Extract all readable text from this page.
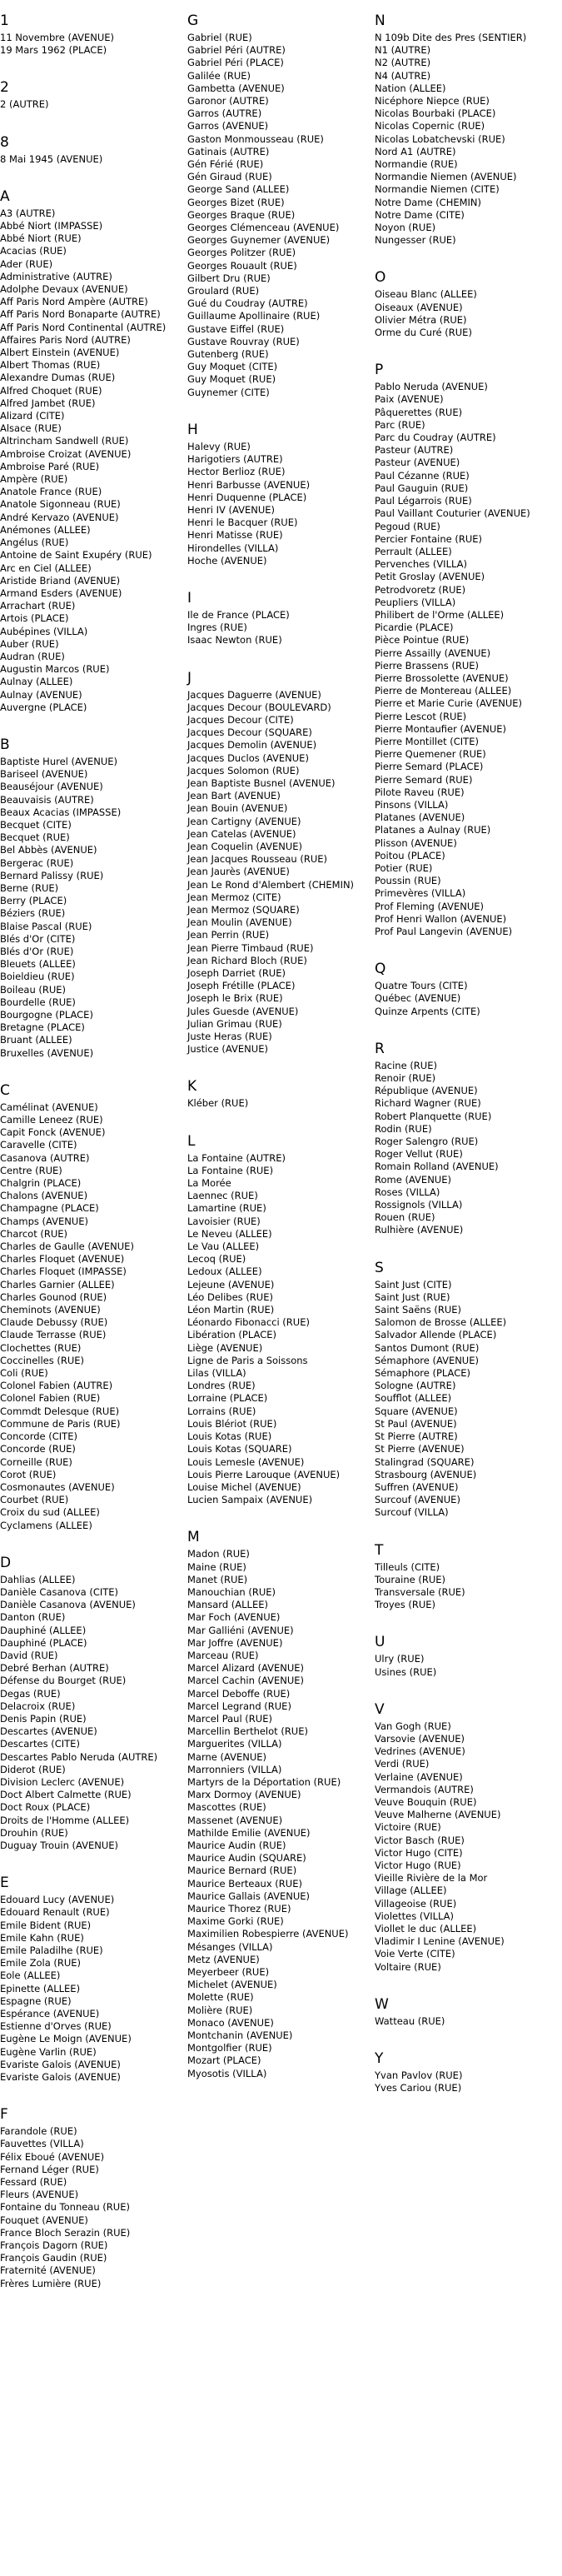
1
11 Novembre (AVENUE)
19 Mars 1962 (PLACE)
2
2 (AUTRE)
8
8 Mai 1945 (AVENUE)
A
A3 (AUTRE)
Abbé Niort (IMPASSE)
Abbé Niort (RUE)
Acacias (RUE)
Ader (RUE)
Administrative (AUTRE)
Adolphe Devaux (AVENUE)
Aff Paris Nord Ampère (AUTRE)
Aff Paris Nord Bonaparte (AUTRE)
Aff Paris Nord Continental (AUTRE)
Affaires Paris Nord (AUTRE)
Albert Einstein (AVENUE)
Albert Thomas (RUE)
Alexandre Dumas (RUE)
Alfred Choquet (RUE)
Alfred Jambet (RUE)
Alizard (CITE)
Alsace (RUE)
Altrincham Sandwell (RUE)
Ambroise Croizat (AVENUE)
Ambroise Paré (RUE)
Ampère (RUE)
Anatole France (RUE)
Anatole Sigonneau (RUE)
André Kervazo (AVENUE)
Anémones (ALLEE)
Angélus (RUE)
Antoine de Saint Exupéry (RUE)
Arc en Ciel (ALLEE)
Aristide Briand (AVENUE)
Armand Esders (AVENUE)
Arrachart (RUE)
Artois (PLACE)
Aubépines (VILLA)
Auber (RUE)
Audran (RUE)
Augustin Marcos (RUE)
Aulnay (ALLEE)
Aulnay (AVENUE)
Auvergne (PLACE)
B
Baptiste Hurel (AVENUE)
Bariseel (AVENUE)
Beauséjour (AVENUE)
Beauvaisis (AUTRE)
Beaux Acacias (IMPASSE)
Becquet (CITE)
Becquet (RUE)
Bel Abbès (AVENUE)
Bergerac (RUE)
Bernard Palissy (RUE)
Berne (RUE)
Berry (PLACE)
Béziers (RUE)
Blaise Pascal (RUE)
Blés d'Or (CITE)
Blés d'Or (RUE)
Bleuets (ALLEE)
Boieldieu (RUE)
Boileau (RUE)
Bourdelle (RUE)
Bourgogne (PLACE)
Bretagne (PLACE)
Bruant (ALLEE)
Bruxelles (AVENUE)
C
Camélinat (AVENUE)
Camille Leneez (RUE)
Capit Fonck (AVENUE)
Caravelle (CITE)
Casanova (AUTRE)
Centre (RUE)
Chalgrin (PLACE)
Chalons (AVENUE)
Champagne (PLACE)
Champs (AVENUE)
Charcot (RUE)
Charles de Gaulle (AVENUE)
Charles Floquet (AVENUE)
Charles Floquet (IMPASSE)
Charles Garnier (ALLEE)
Charles Gounod (RUE)
Cheminots (AVENUE)
Claude Debussy (RUE)
Claude Terrasse (RUE)
Clochettes (RUE)
Coccinelles (RUE)
Coli (RUE)
Colonel Fabien (AUTRE)
Colonel Fabien (RUE)
Commdt Delesque (RUE)
Commune de Paris (RUE)
Concorde (CITE)
Concorde (RUE)
Corneille (RUE)
Corot (RUE)
Cosmonautes (AVENUE)
Courbet (RUE)
Croix du sud (ALLEE)
Cyclamens (ALLEE)
D
Dahlias (ALLEE)
Danièle Casanova (CITE)
Danièle Casanova (AVENUE)
Danton (RUE)
Dauphiné (ALLEE)
Dauphiné (PLACE)
David (RUE)
Debré Berhan (AUTRE)
Défense du Bourget (RUE)
Degas (RUE)
Delacroix (RUE)
Denis Papin (RUE)
Descartes (AVENUE)
Descartes (CITE)
Descartes Pablo Neruda (AUTRE)
Diderot (RUE)
Division Leclerc (AVENUE)
Doct Albert Calmette (RUE)
Doct Roux (PLACE)
Droits de l'Homme (ALLEE)
Drouhin (RUE)
Duguay Trouin (AVENUE)
E
Edouard Lucy (AVENUE)
Edouard Renault (RUE)
Emile Bident (RUE)
Emile Kahn (RUE)
Emile Paladilhe (RUE)
Emile Zola (RUE)
Eole (ALLEE)
Epinette (ALLEE)
Espagne (RUE)
Espérance (AVENUE)
Estienne d'Orves (RUE)
Eugène Le Moign (AVENUE)
Eugène Varlin (RUE)
Evariste Galois (AVENUE)
Evariste Galois (AVENUE)
F
Farandole (RUE)
Fauvettes (VILLA)
Félix Eboué (AVENUE)
Fernand Léger (RUE)
Fessard (RUE)
Fleurs (AVENUE)
Fontaine du Tonneau (RUE)
Fouquet (AVENUE)
France Bloch Serazin (RUE)
François Dagorn (RUE)
François Gaudin (RUE)
Fraternité (AVENUE)
Frères Lumière (RUE)
G
Gabriel (RUE)
Gabriel Péri (AUTRE)
Gabriel Péri (PLACE)
Galilée (RUE)
Gambetta (AVENUE)
Garonor (AUTRE)
Garros (AUTRE)
Garros (AVENUE)
Gaston Monmousseau (RUE)
Gatinais (AUTRE)
Gén Férié (RUE)
Gén Giraud (RUE)
George Sand (ALLEE)
Georges Bizet (RUE)
Georges Braque (RUE)
Georges Clémenceau (AVENUE)
Georges Guynemer (AVENUE)
Georges Politzer (RUE)
Georges Rouault (RUE)
Gilbert Dru (RUE)
Groulard (RUE)
Gué du Coudray (AUTRE)
Guillaume Apollinaire (RUE)
Gustave Eiffel (RUE)
Gustave Rouvray (RUE)
Gutenberg (RUE)
Guy Moquet (CITE)
Guy Moquet (RUE)
Guynemer (CITE)
H
Halevy (RUE)
Harigotiers (AUTRE)
Hector Berlioz (RUE)
Henri Barbusse (AVENUE)
Henri Duquenne (PLACE)
Henri IV (AVENUE)
Henri le Bacquer (RUE)
Henri Matisse (RUE)
Hirondelles (VILLA)
Hoche (AVENUE)
I
Ile de France (PLACE)
Ingres (RUE)
Isaac Newton (RUE)
J
Jacques Daguerre (AVENUE)
Jacques Decour (BOULEVARD)
Jacques Decour (CITE)
Jacques Decour (SQUARE)
Jacques Demolin (AVENUE)
Jacques Duclos (AVENUE)
Jacques Solomon (RUE)
Jean Baptiste Busnel (AVENUE)
Jean Bart (AVENUE)
Jean Bouin (AVENUE)
Jean Cartigny (AVENUE)
Jean Catelas (AVENUE)
Jean Coquelin (AVENUE)
Jean Jacques Rousseau (RUE)
Jean Jaurès (AVENUE)
Jean Le Rond d'Alembert (CHEMIN)
Jean Mermoz (CITE)
Jean Mermoz (SQUARE)
Jean Moulin (AVENUE)
Jean Perrin (RUE)
Jean Pierre Timbaud (RUE)
Jean Richard Bloch (RUE)
Joseph Darriet (RUE)
Joseph Frétille (PLACE)
Joseph le Brix (RUE)
Jules Guesde (AVENUE)
Julian Grimau (RUE)
Juste Heras (RUE)
Justice (AVENUE)
K
Kléber (RUE)
L
La Fontaine (AUTRE)
La Fontaine (RUE)
La Morée
Laennec (RUE)
Lamartine (RUE)
Lavoisier (RUE)
Le Neveu (ALLEE)
Le Vau (ALLEE)
Lecoq (RUE)
Ledoux (ALLEE)
Lejeune (AVENUE)
Léo Delibes (RUE)
Léon Martin (RUE)
Léonardo Fibonacci (RUE)
Libération (PLACE)
Liège (AVENUE)
Ligne de Paris a Soissons
Lilas (VILLA)
Londres (RUE)
Lorraine (PLACE)
Lorrains (RUE)
Louis Blériot (RUE)
Louis Kotas (RUE)
Louis Kotas (SQUARE)
Louis Lemesle (AVENUE)
Louis Pierre Larouque (AVENUE)
Louise Michel (AVENUE)
Lucien Sampaix (AVENUE)
M
Madon (RUE)
Maine (RUE)
Manet (RUE)
Manouchian (RUE)
Mansard (ALLEE)
Mar Foch (AVENUE)
Mar Galliéni (AVENUE)
Mar Joffre (AVENUE)
Marceau (RUE)
Marcel Alizard (AVENUE)
Marcel Cachin (AVENUE)
Marcel Deboffe (RUE)
Marcel Legrand (RUE)
Marcel Paul (RUE)
Marcellin Berthelot (RUE)
Marguerites (VILLA)
Marne (AVENUE)
Marronniers (VILLA)
Martyrs de la Déportation (RUE)
Marx Dormoy (AVENUE)
Mascottes (RUE)
Massenet (AVENUE)
Mathilde Emilie (AVENUE)
Maurice Audin (RUE)
Maurice Audin (SQUARE)
Maurice Bernard (RUE)
Maurice Berteaux (RUE)
Maurice Gallais (AVENUE)
Maurice Thorez (RUE)
Maxime Gorki (RUE)
Maximilien Robespierre (AVENUE)
Mésanges (VILLA)
Metz (AVENUE)
Meyerbeer (RUE)
Michelet (AVENUE)
Molette (RUE)
Molière (RUE)
Monaco (AVENUE)
Montchanin (AVENUE)
Montgolfier (RUE)
Mozart (PLACE)
Myosotis (VILLA)
N
N 109b Dite des Pres (SENTIER)
N1 (AUTRE)
N2 (AUTRE)
N4 (AUTRE)
Nation (ALLEE)
Nicéphore Niepce (RUE)
Nicolas Bourbaki (PLACE)
Nicolas Copernic (RUE)
Nicolas Lobatchevski (RUE)
Nord A1 (AUTRE)
Normandie (RUE)
Normandie Niemen (AVENUE)
Normandie Niemen (CITE)
Notre Dame (CHEMIN)
Notre Dame (CITE)
Noyon (RUE)
Nungesser (RUE)
O
Oiseau Blanc (ALLEE)
Oiseaux (AVENUE)
Olivier Métra (RUE)
Orme du Curé (RUE)
P
Pablo Neruda (AVENUE)
Paix (AVENUE)
Pâquerettes (RUE)
Parc (RUE)
Parc du Coudray (AUTRE)
Pasteur (AUTRE)
Pasteur (AVENUE)
Paul Cézanne (RUE)
Paul Gauguin (RUE)
Paul Légarrois (RUE)
Paul Vaillant Couturier (AVENUE)
Pegoud (RUE)
Percier Fontaine (RUE)
Perrault (ALLEE)
Pervenches (VILLA)
Petit Groslay (AVENUE)
Petrodvoretz (RUE)
Peupliers (VILLA)
Philibert de l'Orme (ALLEE)
Picardie (PLACE)
Pièce Pointue (RUE)
Pierre Assailly (AVENUE)
Pierre Brassens (RUE)
Pierre Brossolette (AVENUE)
Pierre de Montereau (ALLEE)
Pierre et Marie Curie (AVENUE)
Pierre Lescot (RUE)
Pierre Montaufier (AVENUE)
Pierre Montillet (CITE)
Pierre Quemener (RUE)
Pierre Semard (PLACE)
Pierre Semard (RUE)
Pilote Raveu (RUE)
Pinsons (VILLA)
Platanes (AVENUE)
Platanes a Aulnay (RUE)
Plisson (AVENUE)
Poitou (PLACE)
Potier (RUE)
Poussin (RUE)
Primevères (VILLA)
Prof Fleming (AVENUE)
Prof Henri Wallon (AVENUE)
Prof Paul Langevin (AVENUE)
Q
Quatre Tours (CITE)
Québec (AVENUE)
Quinze Arpents (CITE)
R
Racine (RUE)
Renoir (RUE)
République (AVENUE)
Richard Wagner (RUE)
Robert Planquette (RUE)
Rodin (RUE)
Roger Salengro (RUE)
Roger Vellut (RUE)
Romain Rolland (AVENUE)
Rome (AVENUE)
Roses (VILLA)
Rossignols (VILLA)
Rouen (RUE)
Rulhière (AVENUE)
S
Saint Just (CITE)
Saint Just (RUE)
Saint Saëns (RUE)
Salomon de Brosse (ALLEE)
Salvador Allende (PLACE)
Santos Dumont (RUE)
Sémaphore (AVENUE)
Sémaphore (PLACE)
Sologne (AUTRE)
Soufflot (ALLEE)
Square (AVENUE)
St Paul (AVENUE)
St Pierre (AUTRE)
St Pierre (AVENUE)
Stalingrad (SQUARE)
Strasbourg (AVENUE)
Suffren (AVENUE)
Surcouf (AVENUE)
Surcouf (VILLA)
T
Tilleuls (CITE)
Touraine (RUE)
Transversale (RUE)
Troyes (RUE)
U
Ulry (RUE)
Usines (RUE)
V
Van Gogh (RUE)
Varsovie (AVENUE)
Vedrines (AVENUE)
Verdi (RUE)
Verlaine (AVENUE)
Vermandois (AUTRE)
Veuve Bouquin (RUE)
Veuve Malherne (AVENUE)
Victoire (RUE)
Victor Basch (RUE)
Victor Hugo (CITE)
Victor Hugo (RUE)
Vieille Rivière de la Mor
Village (ALLEE)
Villageoise (RUE)
Violettes (VILLA)
Viollet le duc (ALLEE)
Vladimir I Lenine (AVENUE)
Voie Verte (CITE)
Voltaire (RUE)
W
Watteau (RUE)
Y
Yvan Pavlov (RUE)
Yves Cariou (RUE)
